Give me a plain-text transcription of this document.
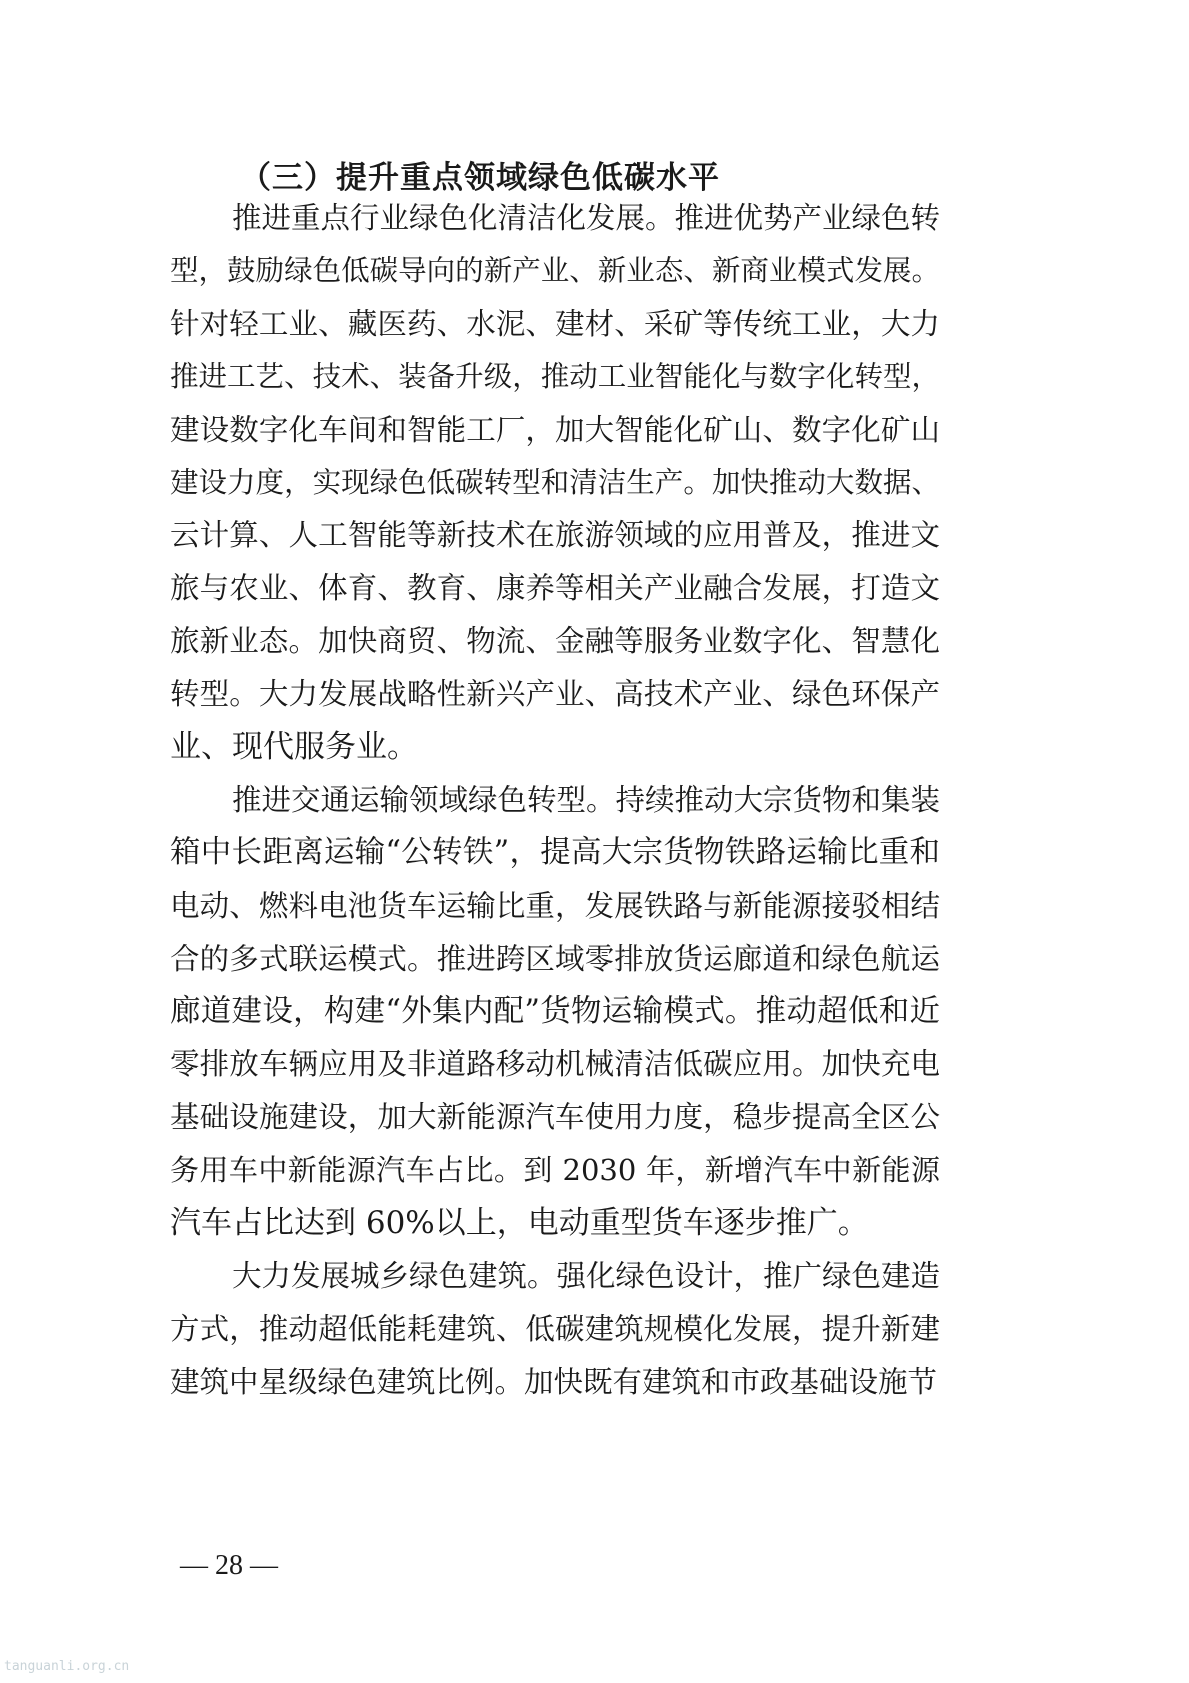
（三）提升重点领域绿色低碳水平
推进重点行业绿色化清洁化发展。推进优势产业绿色转
型，鼓励绿色低碳导向的新产业、新业态、新商业模式发展。
针对轻工业、藏医药、水泥、建材、采矿等传统工业，大力
推进工艺、技术、装备升级，推动工业智能化与数字化转型，
建设数字化车间和智能工厂，加大智能化矿山、数字化矿山
建设力度，实现绿色低碳转型和清洁生产。加快推动大数据、
云计算、人工智能等新技术在旅游领域的应用普及，推进文
旅与农业、体育、教育、康养等相关产业融合发展，打造文
旅新业态。加快商贸、物流、金融等服务业数字化、智慧化
转型。大力发展战略性新兴产业、高技术产业、绿色环保产
业、现代服务业。
推进交通运输领域绿色转型。持续推动大宗货物和集装
箱中长距离运输“公转铁”，提高大宗货物铁路运输比重和
电动、燃料电池货车运输比重，发展铁路与新能源接驳相结
合的多式联运模式。推进跨区域零排放货运廊道和绿色航运
廊道建设，构建“外集内配”货物运输模式。推动超低和近
零排放车辆应用及非道路移动机械清洁低碳应用。加快充电
基础设施建设，加大新能源汽车使用力度，稳步提高全区公
务用车中新能源汽车占比。到 2030 年，新增汽车中新能源
汽车占比达到 60%以上，电动重型货车逐步推广。
大力发展城乡绿色建筑。强化绿色设计，推广绿色建造
方式，推动超低能耗建筑、低碳建筑规模化发展，提升新建
建筑中星级绿色建筑比例。加快既有建筑和市政基础设施节
— 28 —
tanguanli.org.cn
